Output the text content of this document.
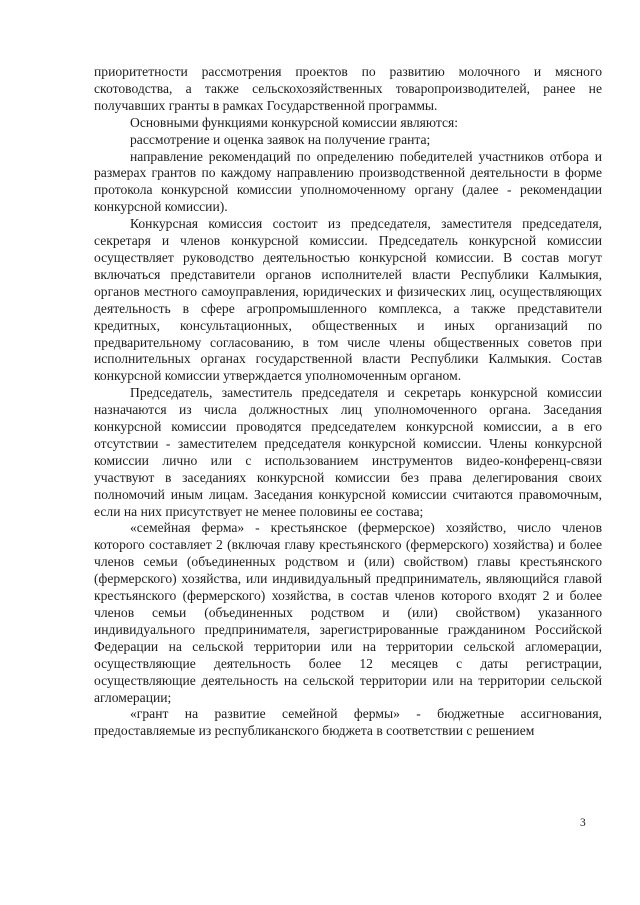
приоритетности рассмотрения проектов по развитию молочного и мясного скотоводства, а также сельскохозяйственных товаропроизводителей, ранее не получавших гранты в рамках Государственной программы.

Основными функциями конкурсной комиссии являются:

рассмотрение и оценка заявок на получение гранта;

направление рекомендаций по определению победителей участников отбора и размерах грантов по каждому направлению производственной деятельности в форме протокола конкурсной комиссии уполномоченному органу (далее - рекомендации конкурсной комиссии).

Конкурсная комиссия состоит из председателя, заместителя председателя, секретаря и членов конкурсной комиссии. Председатель конкурсной комиссии осуществляет руководство деятельностью конкурсной комиссии. В состав могут включаться представители органов исполнителей власти Республики Калмыкия, органов местного самоуправления, юридических и физических лиц, осуществляющих деятельность в сфере агропромышленного комплекса, а также представители кредитных, консультационных, общественных и иных организаций по предварительному согласованию, в том числе члены общественных советов при исполнительных органах государственной власти Республики Калмыкия. Состав конкурсной комиссии утверждается уполномоченным органом.

Председатель, заместитель председателя и секретарь конкурсной комиссии назначаются из числа должностных лиц уполномоченного органа. Заседания конкурсной комиссии проводятся председателем конкурсной комиссии, а в его отсутствии - заместителем председателя конкурсной комиссии. Члены конкурсной комиссии лично или с использованием инструментов видео-конференц-связи участвуют в заседаниях конкурсной комиссии без права делегирования своих полномочий иным лицам. Заседания конкурсной комиссии считаются правомочным, если на них присутствует не менее половины ее состава;

«семейная ферма» - крестьянское (фермерское) хозяйство, число членов которого составляет 2 (включая главу крестьянского (фермерского) хозяйства) и более членов семьи (объединенных родством и (или) свойством) главы крестьянского (фермерского) хозяйства, или индивидуальный предприниматель, являющийся главой крестьянского (фермерского) хозяйства, в состав членов которого входят 2 и более членов семьи (объединенных родством и (или) свойством) указанного индивидуального предпринимателя, зарегистрированные гражданином Российской Федерации на сельской территории или на территории сельской агломерации, осуществляющие деятельность более 12 месяцев с даты регистрации, осуществляющие деятельность на сельской территории или на территории сельской агломерации;

«грант на развитие семейной фермы» - бюджетные ассигнования, предоставляемые из республиканского бюджета в соответствии с решением

3
